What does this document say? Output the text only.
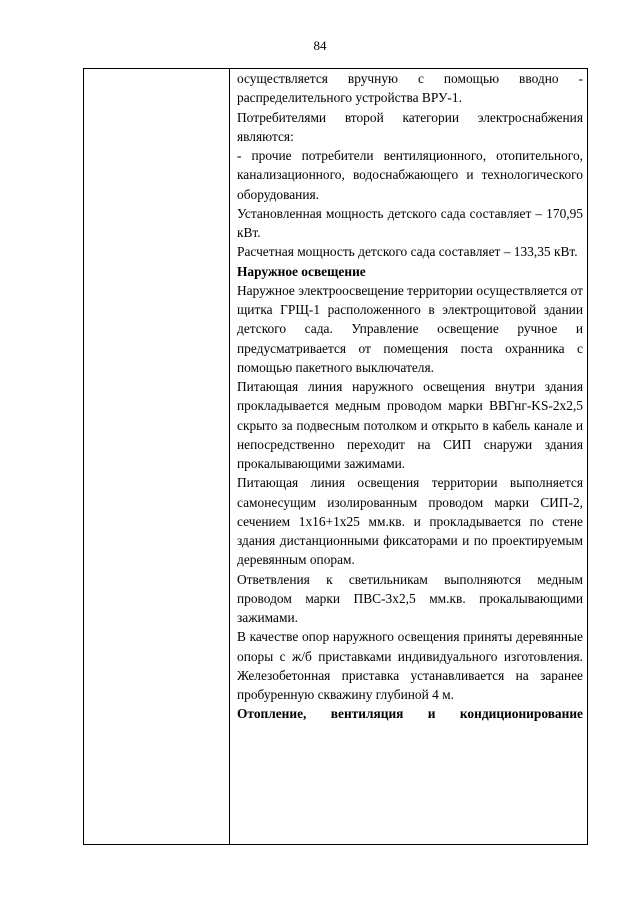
84

осуществляется вручную с помощью вводно - распределительного устройства ВРУ-1.

Потребителями второй категории электроснабжения являются:

- прочие потребители вентиляционного, отопительного, канализационного, водоснабжающего и технологического оборудования.

Установленная мощность детского сада составляет – 170,95 кВт.

Расчетная мощность детского сада составляет – 133,35 кВт.

Наружное освещение

Наружное электроосвещение территории осуществляется от щитка ГРЩ-1 расположенного в электрощитовой здании детского сада. Управление освещение ручное и предусматривается от помещения поста охранника с помощью пакетного выключателя.

Питающая линия наружного освещения внутри здания прокладывается медным проводом марки ВВГнг-KS-2х2,5 скрыто за подвесным потолком и открыто в кабель канале и непосредственно переходит на СИП снаружи здания прокалывающими зажимами.

Питающая линия освещения территории выполняется самонесущим изолированным проводом марки СИП-2, сечением 1х16+1х25 мм.кв. и прокладывается по стене здания дистанционными фиксаторами и по проектируемым деревянным опорам.

Ответвления к светильникам выполняются медным проводом марки ПВС-3х2,5 мм.кв. прокалывающими зажимами.

В качестве опор наружного освещения приняты деревянные опоры с ж/б приставками индивидуального изготовления. Железобетонная приставка устанавливается на заранее пробуренную скважину глубиной 4 м.

Отопление, вентиляция и кондиционирование
